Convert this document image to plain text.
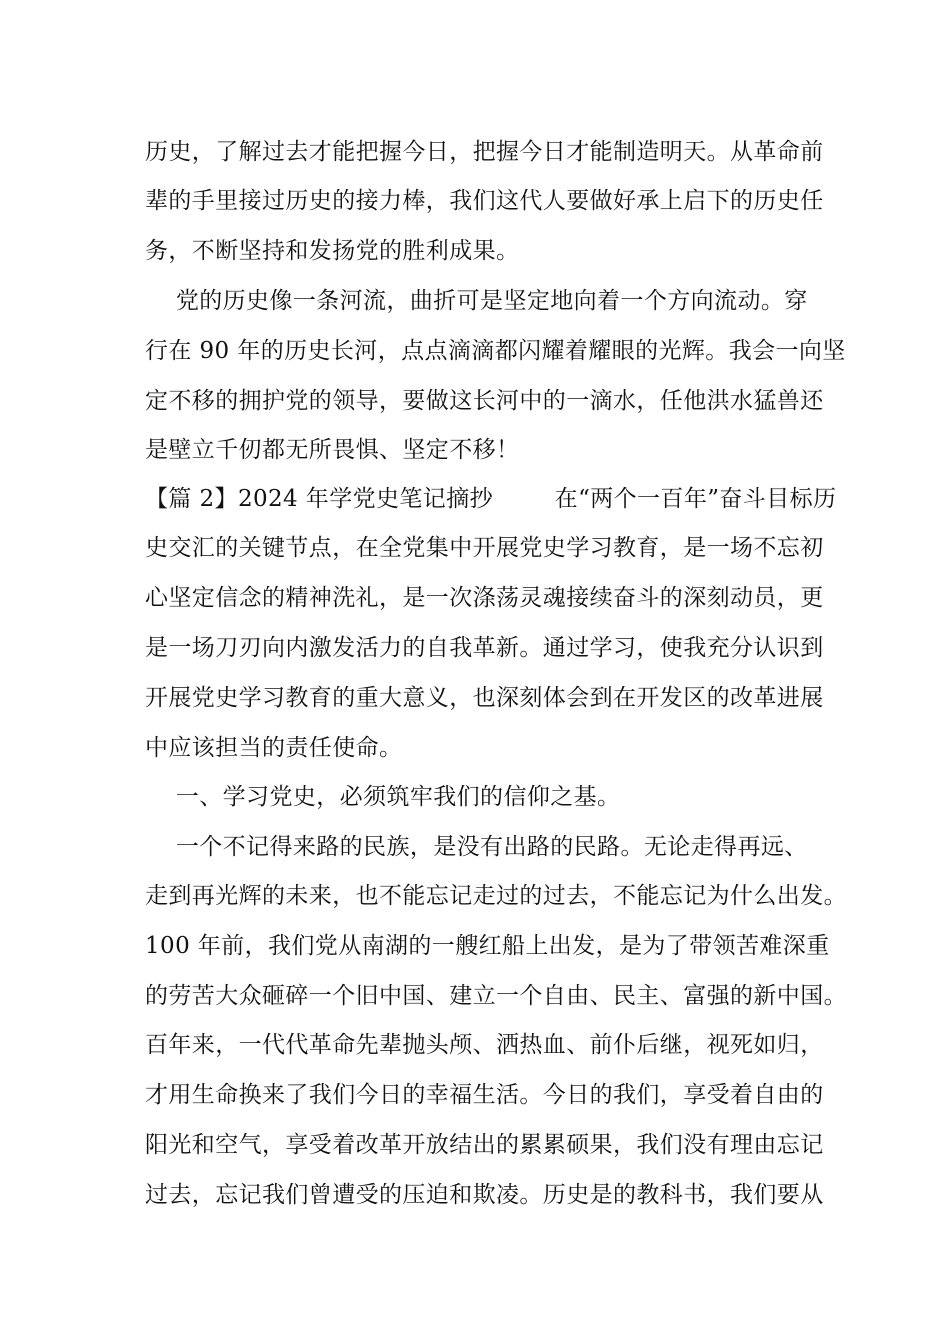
历史，了解过去才能把握今日，把握今日才能制造明天。从革命前
辈的手里接过历史的接力棒，我们这代人要做好承上启下的历史任
务，不断坚持和发扬党的胜利成果。
党的历史像一条河流，曲折可是坚定地向着一个方向流动。穿
行在 90 年的历史长河，点点滴滴都闪耀着耀眼的光辉。我会一向坚
定不移的拥护党的领导，要做这长河中的一滴水，任他洪水猛兽还
是壁立千仞都无所畏惧、坚定不移！
【篇 2】2024 年学党史笔记摘抄        在“两个一百年”奋斗目标历
史交汇的关键节点，在全党集中开展党史学习教育，是一场不忘初
心坚定信念的精神洗礼，是一次涤荡灵魂接续奋斗的深刻动员，更
是一场刀刃向内激发活力的自我革新。通过学习，使我充分认识到
开展党史学习教育的重大意义，也深刻体会到在开发区的改革进展
中应该担当的责任使命。
一、学习党史，必须筑牢我们的信仰之基。
一个不记得来路的民族，是没有出路的民路。无论走得再远、
走到再光辉的未来，也不能忘记走过的过去，不能忘记为什么出发。
100 年前，我们党从南湖的一艘红船上出发，是为了带领苦难深重
的劳苦大众砸碎一个旧中国、建立一个自由、民主、富强的新中国。
百年来，一代代革命先辈抛头颅、洒热血、前仆后继，视死如归，
才用生命换来了我们今日的幸福生活。今日的我们，享受着自由的
阳光和空气，享受着改革开放结出的累累硕果，我们没有理由忘记
过去，忘记我们曾遭受的压迫和欺凌。历史是的教科书，我们要从
